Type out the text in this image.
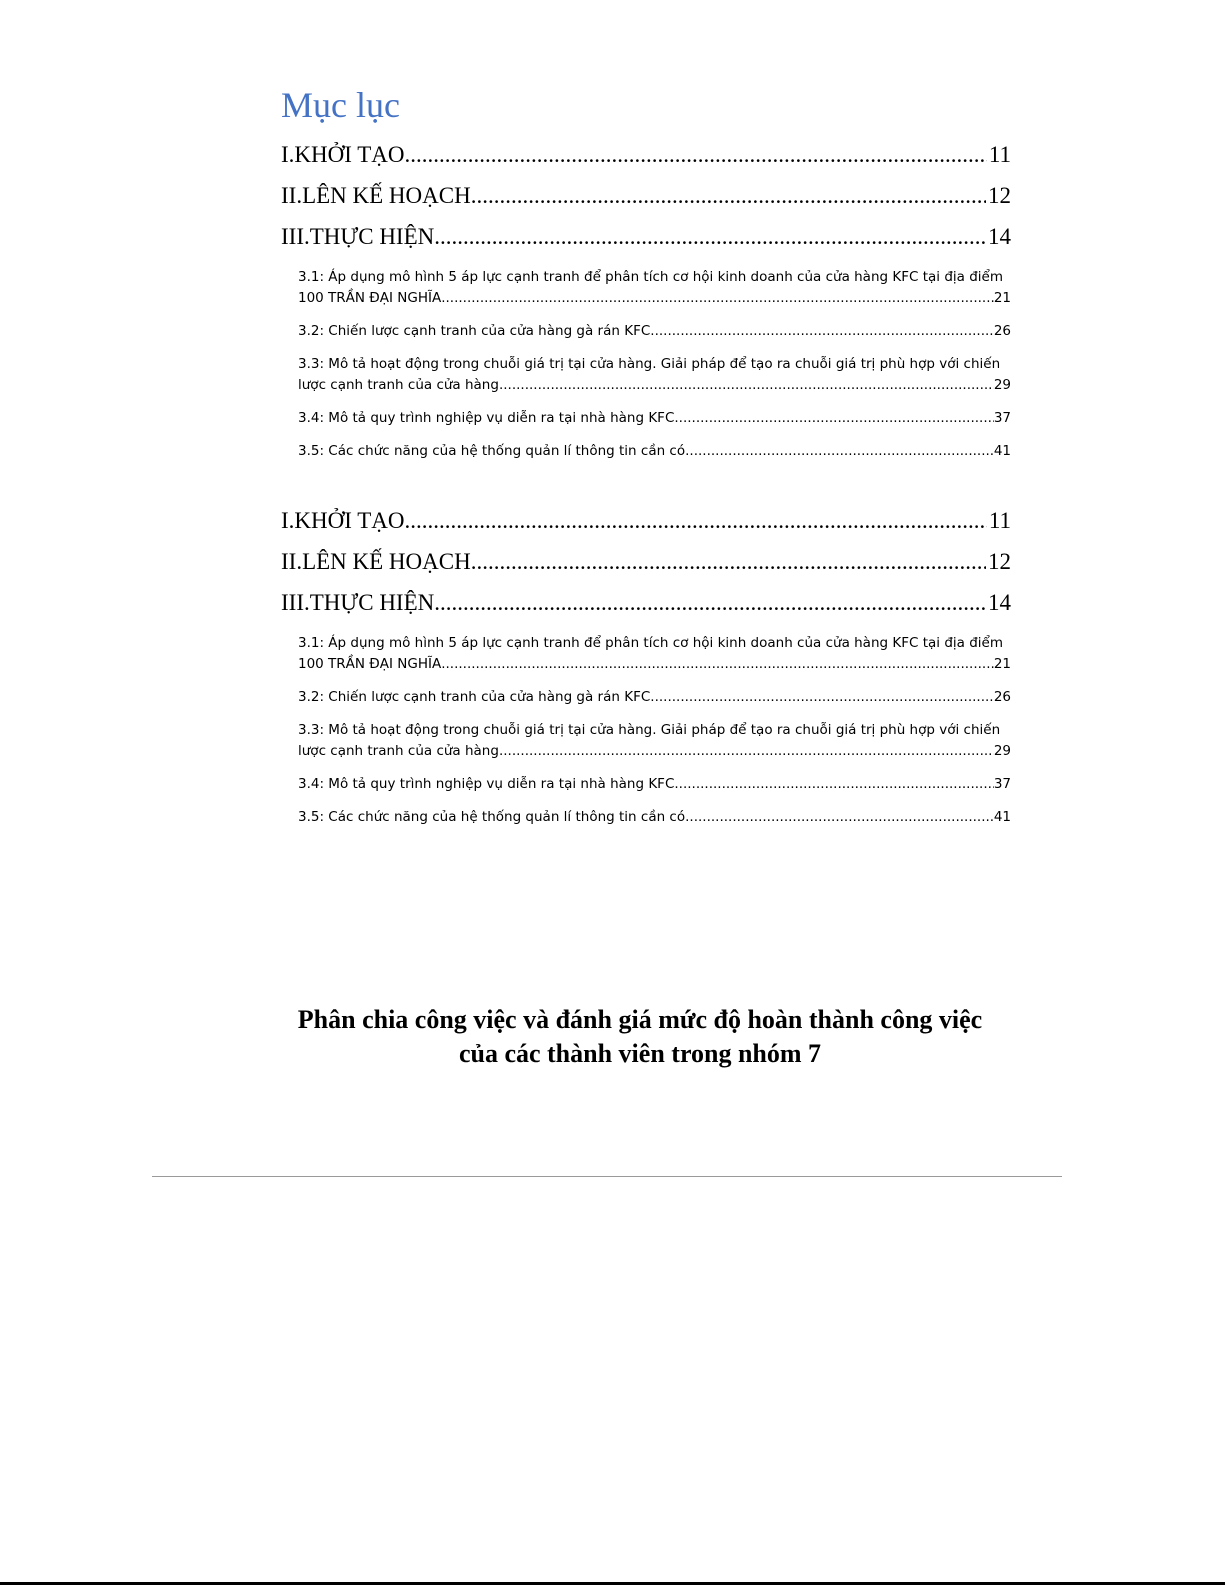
Mục lục
I.KHỞI TẠO .....	11
II.LÊN KẾ HOẠCH .....	12
III.THỰC HIỆN .....	14
3.1: Áp dụng mô hình 5 áp lực cạnh tranh để phân tích cơ hội kinh doanh của cửa hàng KFC tại địa điểm
100 TRẦN ĐẠI NGHĨA .....	21
3.2: Chiến lược cạnh tranh của cửa hàng gà rán KFC .....	26
3.3: Mô tả hoạt động trong chuỗi giá trị tại cửa hàng. Giải pháp để tạo ra chuỗi giá trị phù hợp với chiến
lược cạnh tranh của cửa hàng .....	29
3.4: Mô tả quy trình nghiệp vụ diễn ra tại nhà hàng KFC .....	37
3.5: Các chức năng của hệ thống quản lí thông tin cần có .....	41
I.KHỞI TẠO .....	11
II.LÊN KẾ HOẠCH .....	12
III.THỰC HIỆN .....	14
3.1: Áp dụng mô hình 5 áp lực cạnh tranh để phân tích cơ hội kinh doanh của cửa hàng KFC tại địa điểm
100 TRẦN ĐẠI NGHĨA .....	21
3.2: Chiến lược cạnh tranh của cửa hàng gà rán KFC .....	26
3.3: Mô tả hoạt động trong chuỗi giá trị tại cửa hàng. Giải pháp để tạo ra chuỗi giá trị phù hợp với chiến
lược cạnh tranh của cửa hàng .....	29
3.4: Mô tả quy trình nghiệp vụ diễn ra tại nhà hàng KFC .....	37
3.5: Các chức năng của hệ thống quản lí thông tin cần có .....	41
Phân chia công việc và đánh giá mức độ hoàn thành công việc
của các thành viên trong nhóm 7
